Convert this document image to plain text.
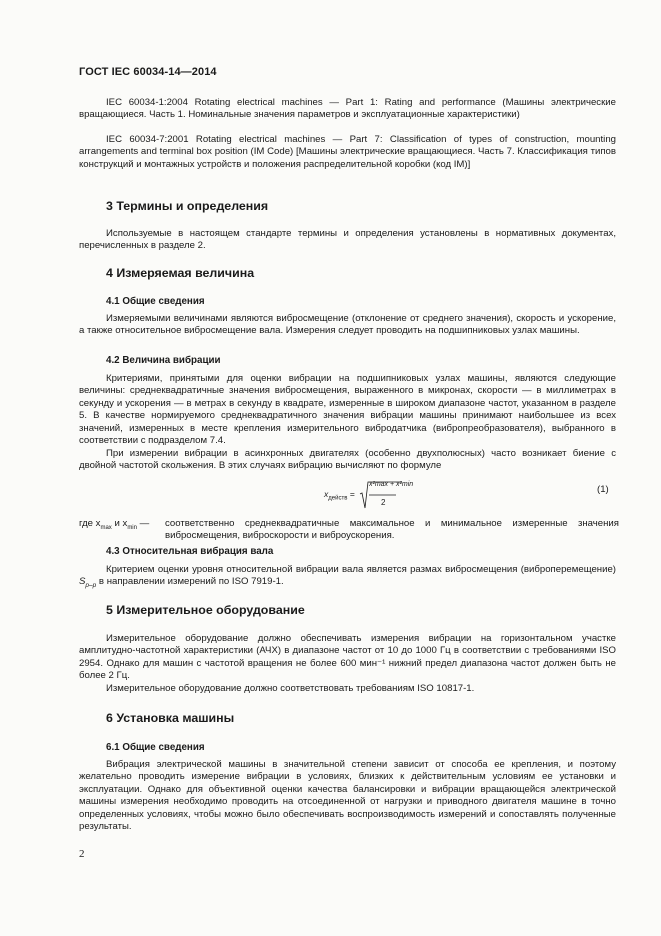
ГОСТ IEC 60034-14—2014

IEC 60034-1:2004 Rotating electrical machines — Part 1: Rating and performance (Машины электрические вращающиеся. Часть 1. Номинальные значения параметров и эксплуатационные характеристики)

IEC 60034-7:2001 Rotating electrical machines — Part 7: Classification of types of construction, mounting arrangements and terminal box position (IM Code) [Машины электрические вращающиеся. Часть 7. Классификация типов конструкций и монтажных устройств и положения распределительной коробки (код IM)]

3 Термины и определения

Используемые в настоящем стандарте термины и определения установлены в нормативных документах, перечисленных в разделе 2.

4 Измеряемая величина
4.1 Общие сведения

Измеряемыми величинами являются виброcмещение (отклонение от среднего значения), скорость и ускорение, а также относительное виброcмещение вала. Измерения следует проводить на подшипниковых узлах машины.

4.2 Величина вибрации

Критериями, принятыми для оценки вибрации на подшипниковых узлах машины, являются следующие величины: среднеквадратичные значения виброcмещения, выраженного в микронах, скорости — в миллиметрах в секунду и ускорения — в метрах в секунду в квадрате, измеренные в широком диапазоне частот, указанном в разделе 5. В качестве нормируемого среднеквадратичного значения вибрации машины принимают наибольшее из всех значений, измеренных в месте крепления измерительного вибродатчика (вибропреобразователя), выбранного в соответствии с подразделом 7.4.

При измерении вибрации в асинхронных двигателях (особенно двухполюсных) часто возникает биение с двойной частотой скольжения. В этих случаях вибрацию вычисляют по формуле

$x_{действ}$ =
x²max + x²min
2
(1)
где $x_{max}$ и $x_{min}$ — соответственно среднеквадратичные максимальное и минимальное измеренные значения виброcмещения, виброскорости и виброускорения.
4.3 Относительная вибрация вала

Критерием оценки уровня относительной вибрации вала является размах виброcмещения (виброперемещение) $S_{p-p}$ в направлении измерений по ISO 7919-1.

5 Измерительное оборудование

Измерительное оборудование должно обеспечивать измерения вибрации на горизонтальном участке амплитудно-частотной характеристики (АЧХ) в диапазоне частот от 10 до 1000 Гц в соответствии с требованиями ISO 2954. Однако для машин с частотой вращения не более 600 мин⁻¹ нижний предел диапазона частот должен быть не более 2 Гц.

Измерительное оборудование должно соответствовать требованиям ISO 10817-1.

6 Установка машины
6.1 Общие сведения

Вибрация электрической машины в значительной степени зависит от способа ее крепления, и поэтому желательно проводить измерение вибрации в условиях, близких к действительным условиям ее установки и эксплуатации. Однако для объективной оценки качества балансировки и вибрации вращающейся электрической машины измерения необходимо проводить на отсоединенной от нагрузки и приводного двигателя машине в точно определенных условиях, чтобы можно было обеспечивать воспроизводимость измерений и сопоставлять полученные результаты.

2
